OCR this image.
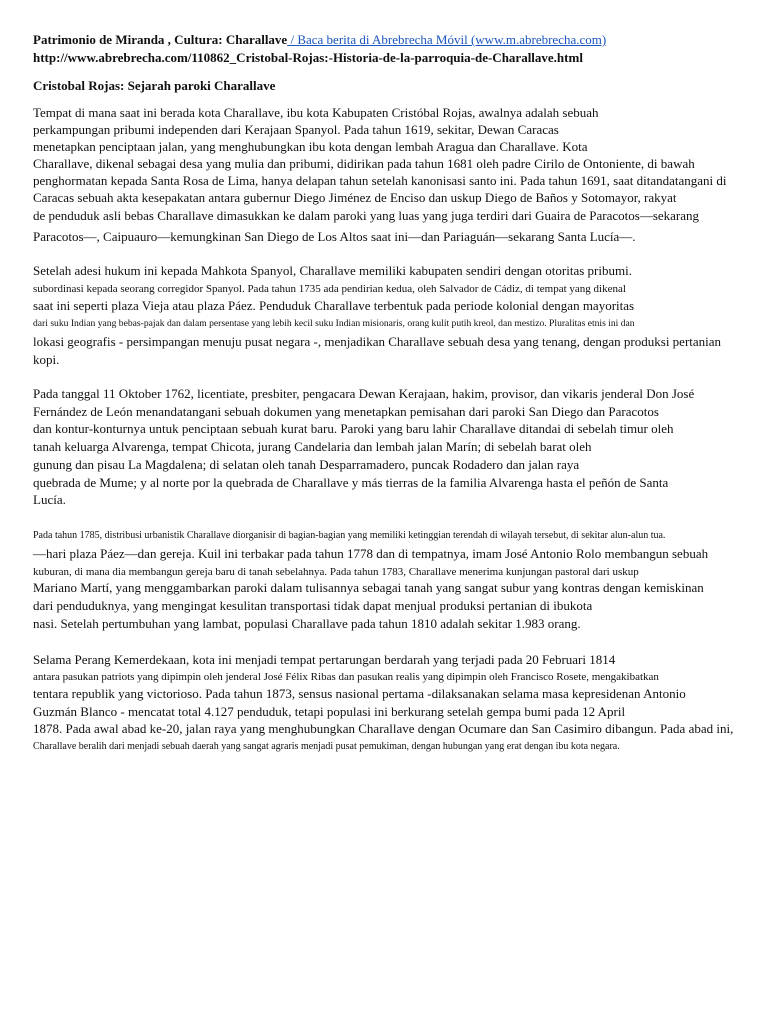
Patrimonio de Miranda , Cultura: Charallave / Baca berita di Abrebrecha Móvil (www.m.abrebrecha.com)
http://www.abrebrecha.com/110862_Cristobal-Rojas:-Historia-de-la-parroquia-de-Charallave.html
Cristobal Rojas: Sejarah paroki Charallave
Tempat di mana saat ini berada kota Charallave, ibu kota Kabupaten Cristóbal Rojas, awalnya adalah sebuah
perkampungan pribumi independen dari Kerajaan Spanyol. Pada tahun 1619, sekitar, Dewan Caracas
menetapkan penciptaan jalan, yang menghubungkan ibu kota dengan lembah Aragua dan Charallave. Kota
Charallave, dikenal sebagai desa yang mulia dan pribumi, didirikan pada tahun 1681 oleh padre Cirilo de Ontoniente, di bawah
penghormatan kepada Santa Rosa de Lima, hanya delapan tahun setelah kanonisasi santo ini. Pada tahun 1691, saat ditandatangani di
Caracas sebuah akta kesepakatan antara gubernur Diego Jiménez de Enciso dan uskup Diego de Baños y Sotomayor, rakyat
de penduduk asli bebas Charallave dimasukkan ke dalam paroki yang luas yang juga terdiri dari Guaira de Paracotos—sekarang
Paracotos—, Caipuauro—kemungkinan San Diego de Los Altos saat ini—dan Pariaguán—sekarang Santa Lucía—.
Setelah adesi hukum ini kepada Mahkota Spanyol, Charallave memiliki kabupaten sendiri dengan otoritas pribumi.
subordinasi kepada seorang corregidor Spanyol. Pada tahun 1735 ada pendirian kedua, oleh Salvador de Cádiz, di tempat yang dikenal
saat ini seperti plaza Vieja atau plaza Páez. Penduduk Charallave terbentuk pada periode kolonial dengan mayoritas
dari suku Indian yang bebas-pajak dan dalam persentase yang lebih kecil suku Indian misionaris, orang kulit putih kreol, dan mestizo. Pluralitas etnis ini dan
lokasi geografis - persimpangan menuju pusat negara -, menjadikan Charallave sebuah desa yang tenang, dengan produksi pertanian
kopi.
Pada tanggal 11 Oktober 1762, licentiate, presbiter, pengacara Dewan Kerajaan, hakim, provisor, dan vikaris jenderal Don José
Fernández de León menandatangani sebuah dokumen yang menetapkan pemisahan dari paroki San Diego dan Paracotos
dan kontur-konturnya untuk penciptaan sebuah kurat baru. Paroki yang baru lahir Charallave ditandai di sebelah timur oleh
tanah keluarga Alvarenga, tempat Chicota, jurang Candelaria dan lembah jalan Marín; di sebelah barat oleh
gunung dan pisau La Magdalena; di selatan oleh tanah Desparramadero, puncak Rodadero dan jalan raya
quebrada de Mume; y al norte por la quebrada de Charallave y más tierras de la familia Alvarenga hasta el peñón de Santa
Lucía.
Pada tahun 1785, distribusi urbanistik Charallave diorganisir di bagian-bagian yang memiliki ketinggian terendah di wilayah tersebut, di sekitar alun-alun tua.
—hari plaza Páez—dan gereja. Kuil ini terbakar pada tahun 1778 dan di tempatnya, imam José Antonio Rolo membangun sebuah
kuburan, di mana dia membangun gereja baru di tanah sebelahnya. Pada tahun 1783, Charallave menerima kunjungan pastoral dari uskup
Mariano Martí, yang menggambarkan paroki dalam tulisannya sebagai tanah yang sangat subur yang kontras dengan kemiskinan
dari penduduknya, yang mengingat kesulitan transportasi tidak dapat menjual produksi pertanian di ibukota
nasi. Setelah pertumbuhan yang lambat, populasi Charallave pada tahun 1810 adalah sekitar 1.983 orang.
Selama Perang Kemerdekaan, kota ini menjadi tempat pertarungan berdarah yang terjadi pada 20 Februari 1814
antara pasukan patriots yang dipimpin oleh jenderal José Félix Ribas dan pasukan realis yang dipimpin oleh Francisco Rosete, mengakibatkan
tentara republik yang victorioso. Pada tahun 1873, sensus nasional pertama -dilaksanakan selama masa kepresidenan Antonio
Guzmán Blanco - mencatat total 4.127 penduduk, tetapi populasi ini berkurang setelah gempa bumi pada 12 April
1878. Pada awal abad ke-20, jalan raya yang menghubungkan Charallave dengan Ocumare dan San Casimiro dibangun. Pada abad ini,
Charallave beralih dari menjadi sebuah daerah yang sangat agraris menjadi pusat pemukiman, dengan hubungan yang erat dengan ibu kota negara.
